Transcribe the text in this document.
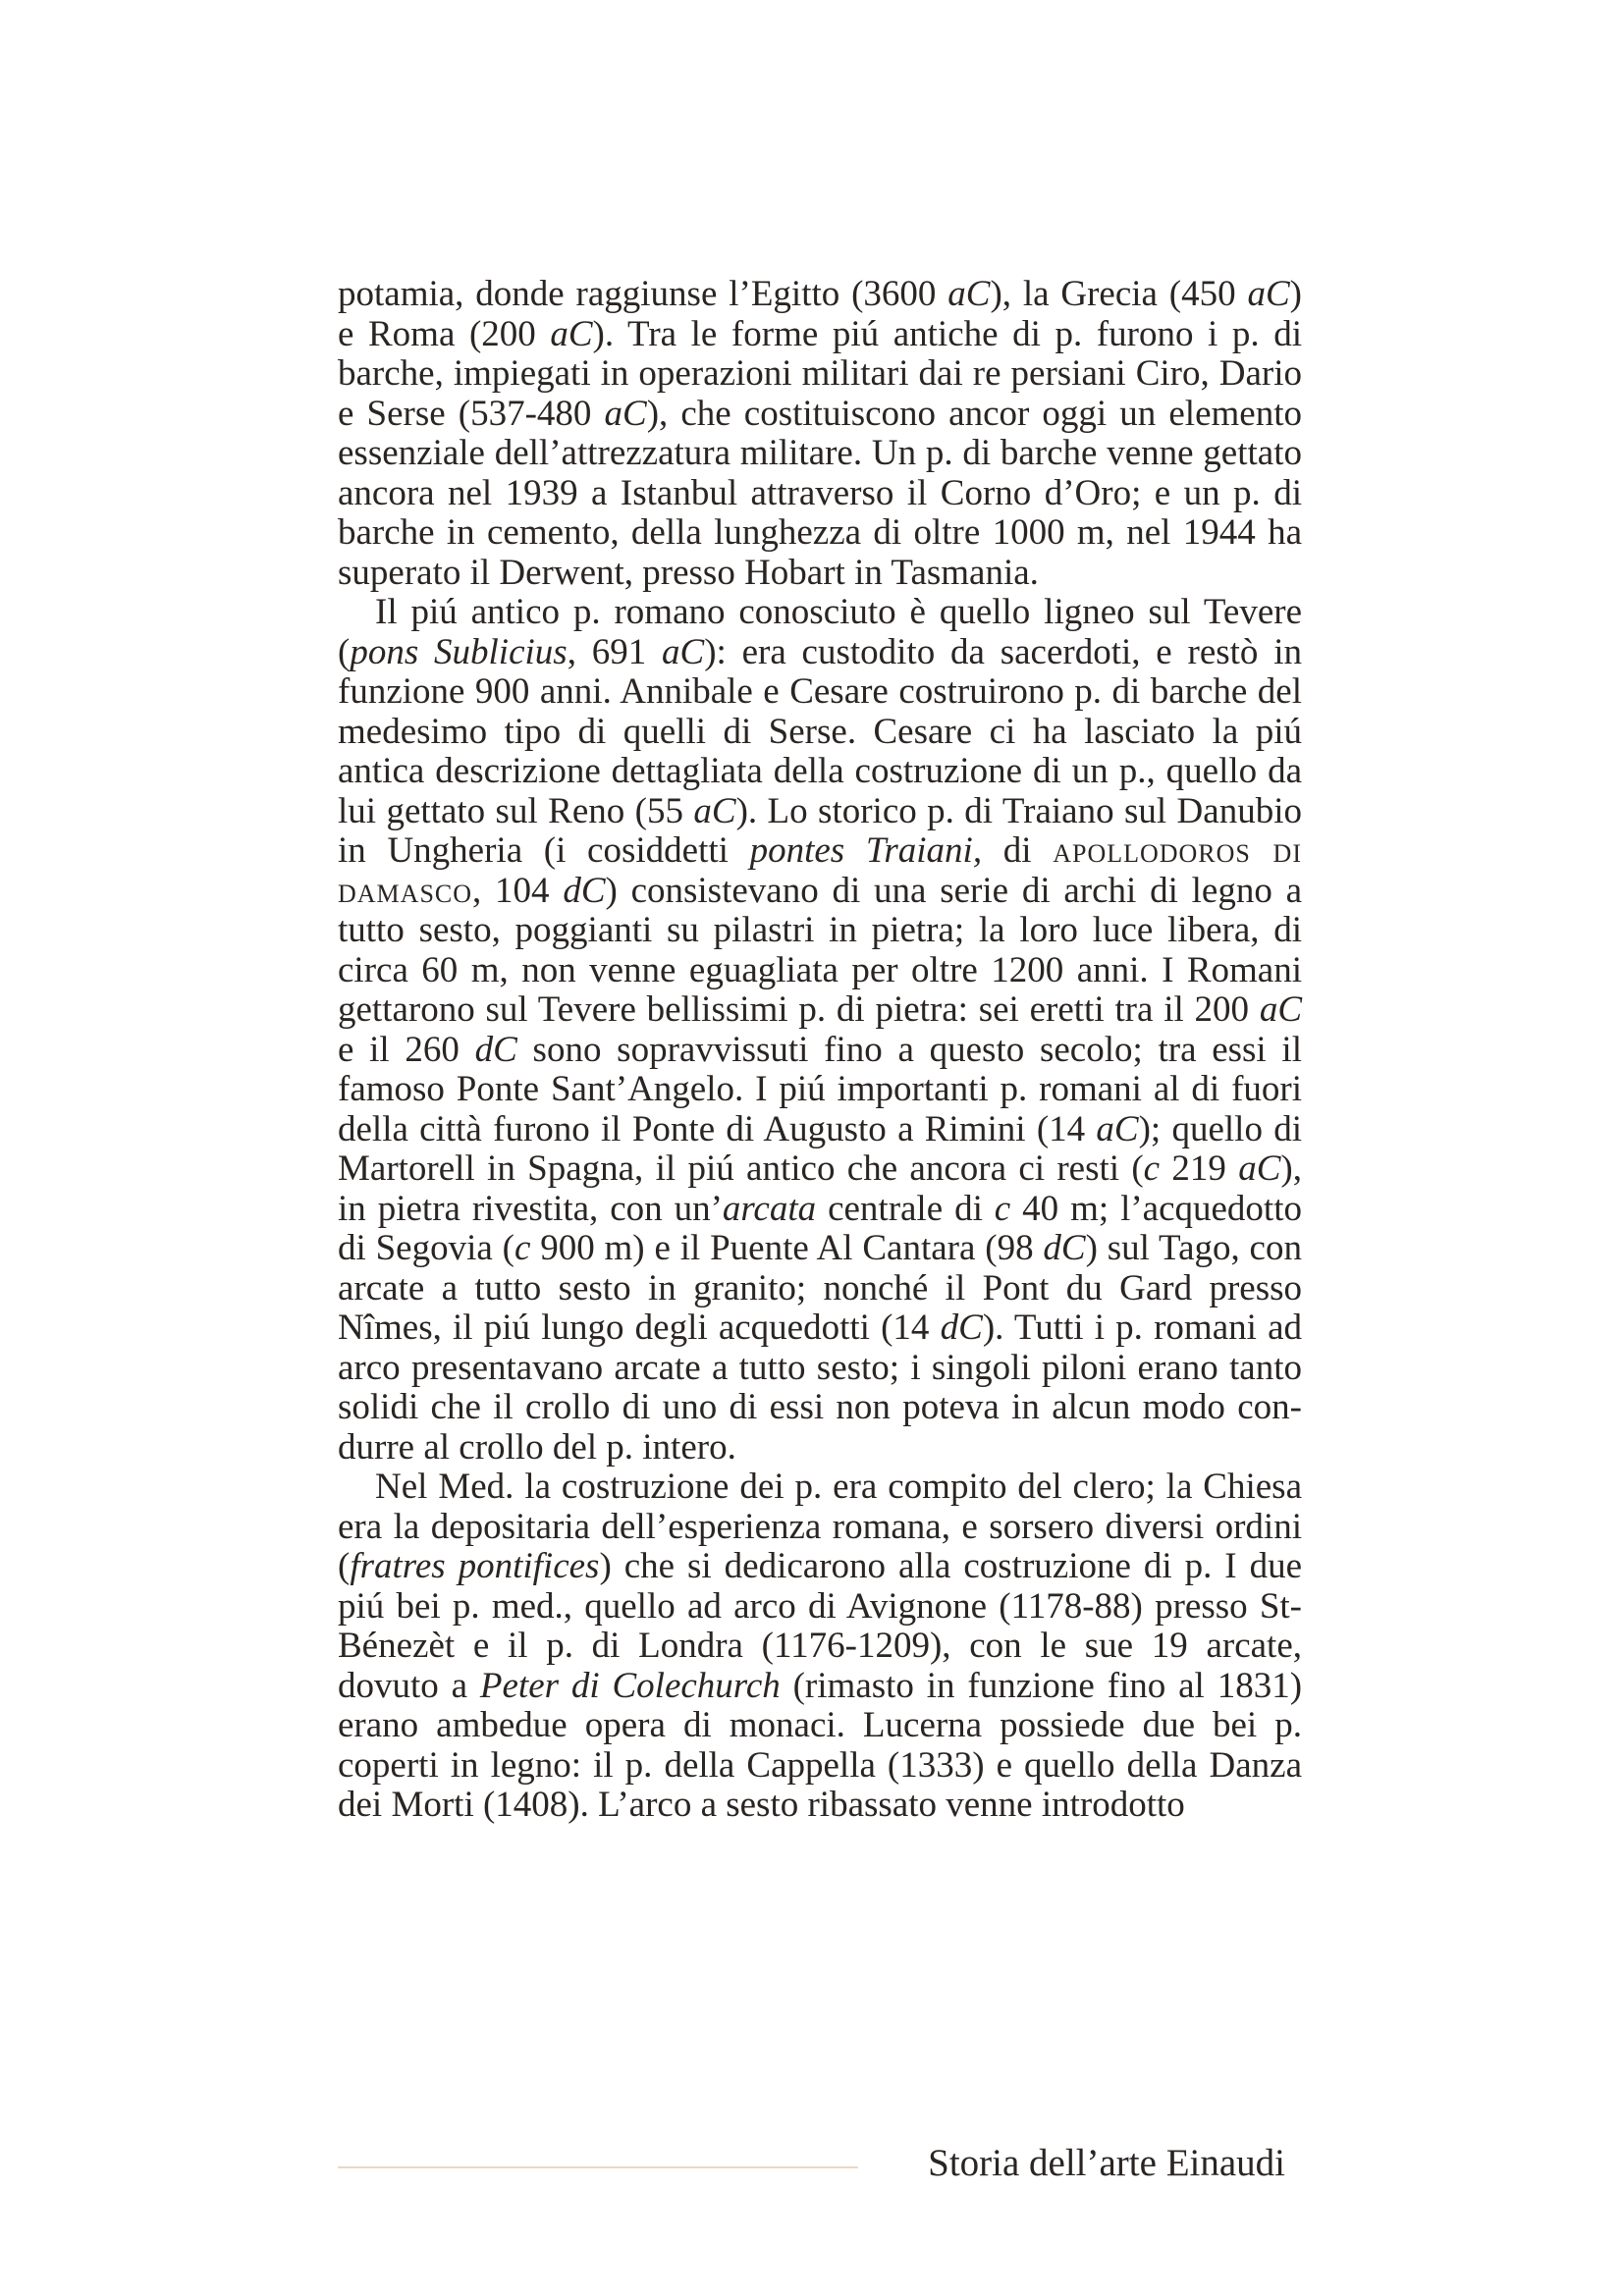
potamia, donde raggiunse l’Egitto (3600 aC), la Grecia (450 aC) e Roma (200 aC). Tra le forme piú antiche di p. furono i p. di barche, impiegati in operazioni militari dai re persiani Ciro, Dario e Serse (537-480 aC), che costituiscono ancor oggi un elemento essenziale dell’attrezzatura militare. Un p. di barche venne gettato ancora nel 1939 a Istanbul attraverso il Corno d’Oro; e un p. di barche in cemento, della lunghezza di oltre 1000 m, nel 1944 ha superato il Derwent, presso Hobart in Tasmania.

Il piú antico p. romano conosciuto è quello ligneo sul Tevere (pons Sublicius, 691 aC): era custodito da sacerdoti, e restò in funzione 900 anni. Annibale e Cesare costruirono p. di barche del medesimo tipo di quelli di Serse. Cesare ci ha lasciato la piú antica descrizione dettagliata della costruzione di un p., quello da lui gettato sul Reno (55 aC). Lo storico p. di Traiano sul Danubio in Ungheria (i cosiddetti pontes Traiani, di apollodoros di damasco, 104 dC) consistevano di una serie di archi di legno a tutto sesto, poggianti su pilastri in pietra; la loro luce libera, di circa 60 m, non venne eguagliata per oltre 1200 anni. I Romani gettarono sul Tevere bellissimi p. di pietra: sei eretti tra il 200 aC e il 260 dC sono sopravvissuti fino a questo secolo; tra essi il famoso Ponte Sant’Angelo. I piú importanti p. romani al di fuori della città furono il Ponte di Augusto a Rimini (14 aC); quello di Martorell in Spagna, il piú antico che ancora ci resti (c 219 aC), in pietra rivestita, con un’arcata centrale di c 40 m; l’acquedotto di Segovia (c 900 m) e il Puente Al Cantara (98 dC) sul Tago, con arcate a tutto sesto in granito; nonché il Pont du Gard presso Nîmes, il piú lungo degli acquedotti (14 dC). Tutti i p. romani ad arco presentavano arcate a tutto sesto; i singoli piloni erano tanto solidi che il crollo di uno di essi non poteva in alcun modo condurre al crollo del p. intero.

Nel Med. la costruzione dei p. era compito del clero; la Chiesa era la depositaria dell’esperienza romana, e sorsero diversi ordini (fratres pontifices) che si dedicarono alla costruzione di p. I due piú bei p. med., quello ad arco di Avignone (1178-88) presso St-Bénezèt e il p. di Londra (1176-1209), con le sue 19 arcate, dovuto a Peter di Colechurch (rimasto in funzione fino al 1831) erano ambedue opera di monaci. Lucerna possiede due bei p. coperti in legno: il p. della Cappella (1333) e quello della Danza dei Morti (1408). L’arco a sesto ribassato venne introdotto

Storia dell’arte Einaudi
